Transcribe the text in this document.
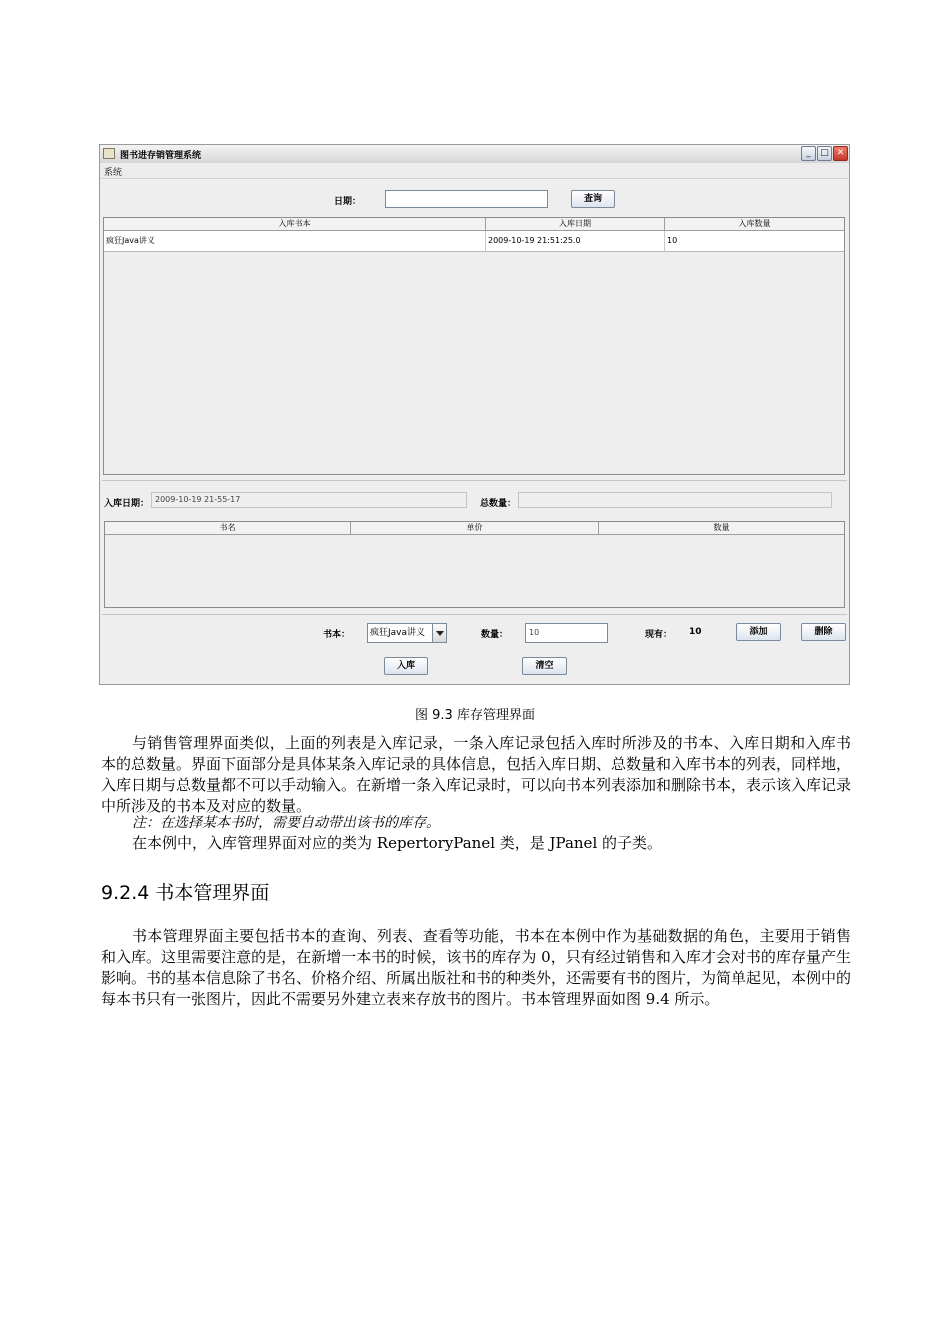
图书进存销管理系统	_	□ ✕
系统
日期：	查询
入库书本	入库日期	入库数量
疯狂Java讲义	2009-10-19 21:51:25.0	10
入库日期： 2009-10-19 21-55-17	总数量：
书名	单价	数量
书本： 疯狂Java讲义	数量：	10	现有： 10	添加	删除
入库	清空
图 9.3 库存管理界面
与销售管理界面类似，上面的列表是入库记录，一条入库记录包括入库时所涉及的书本、入库日期和入库书本的总数量。界面下面部分是具体某条入库记录的具体信息，包括入库日期、总数量和入库书本的列表，同样地，入库日期与总数量都不可以手动输入。在新增一条入库记录时，可以向书本列表添加和删除书本，表示该入库记录中所涉及的书本及对应的数量。
注：在选择某本书时，需要自动带出该书的库存。
在本例中，入库管理界面对应的类为 RepertoryPanel 类，是 JPanel 的子类。
9.2.4 书本管理界面
书本管理界面主要包括书本的查询、列表、查看等功能，书本在本例中作为基础数据的角色，主要用于销售和入库。这里需要注意的是，在新增一本书的时候，该书的库存为 0，只有经过销售和入库才会对书的库存量产生影响。书的基本信息除了书名、价格介绍、所属出版社和书的种类外，还需要有书的图片，为简单起见，本例中的每本书只有一张图片，因此不需要另外建立表来存放书的图片。书本管理界面如图 9.4 所示。
